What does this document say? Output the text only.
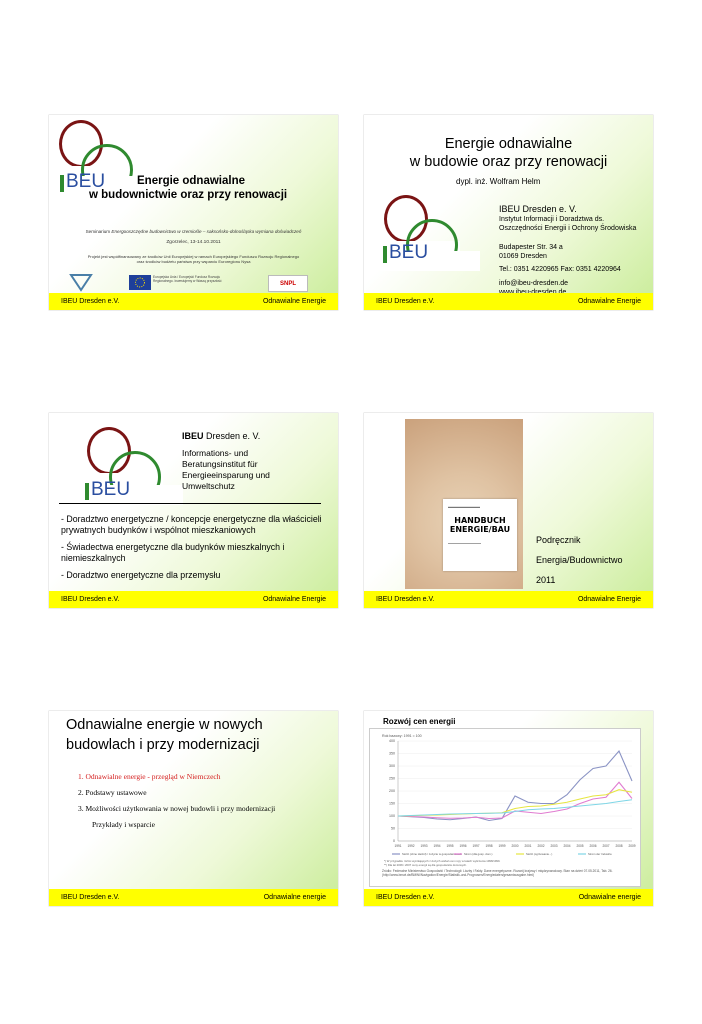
BEU	Energie odnawialne
w budownictwie oraz przy renowacji
Seminarium Energooszczędne budownictwo w rzemiośle – saksońsko-dolnośląska wymiana doświadczeń
Zgorzelec, 13-14.10.2011
Projekt jest współfinansowany ze środków Unii Europejskiej w ramach Europejskiego Funduszu Rozwoju Regionalnego
oraz środków budżetu państwa przy wsparciu Euroregionu Nysa
Europejska Unia / Europejski Fundusz Rozwoju Regionalnego. Inwestujemy w Waszą przyszłość	SNPL
IBEU Dresden e.V.	Odnawialne Energie
Energie odnawialne
w budowie oraz przy renowacji
dypl. inż. Wolfram Helm
BEU
IBEU Dresden e. V.
Instytut Informacji i Doradztwa ds. Oszczędności Energii i Ochrony Środowiska
Budapester Str. 34 a
01069 Dresden
Tel.: 0351 4220965 Fax: 0351 4220964
info@ibeu-dresden.de
IBEU Dresden e.V.	Odnawialne Energie
BEU
IBEU Dresden e. V.
Informations- und
Beratungsinstitut für
Energieeinsparung und
Umweltschutz

- Doradztwo energetyczne / koncepcje energetyczne dla właścicieli prywatnych budynków i wspólnot mieszkaniowych

- Świadectwa energetyczne dla budynków mieszkalnych i niemieszkalnych

- Doradztwo energetyczne dla przemysłu

IBEU Dresden e.V.	Odnawialne Energie
▬▬▬▬▬▬▬▬
HANDBUCH
ENERGIE/BAU
▬▬▬▬▬▬▬▬▬▬▬	Podręcznik
Energia/Budownictwo
2011
IBEU Dresden e.V.	Odnawialne Energie
Odnawialne energie w nowych
budowlach i przy modernizacji

1. Odnawialne energie - przegląd w Niemczech

2. Podstawy ustawowe

3. Możliwości użytkowania w nowej budowli i przy modernizacji

Przykłady i wsparcie

IBEU Dresden e.V.	Odnawialne energie
Rozwój cen energii
Rok bazowy: 1991 = 100
0
50
100
150
200
250
300
350
400
1991 1992 1993 1994 1995 1996 1997 1998 1999 2000 2001 2002 2003 2004 2005 2006 2007 2008 2009
Stoltz (ohne Heizöl) / zużycie w gospodarstwach Strom (dla gosp. dom.)	Stoltz (ogrzewanie...)	Strom der Industrie
*) W przypadku różnic wynikających z dużych wahań cen ropy w latach wyliczenia 1998/1999.
**) Dla lat 2006 i 2007 ceny energii są dla gospodarstw domowych.
Źródło: Federalne Ministerstwo Gospodarki i Technologii: Liczby i Fakty. Dane energetyczne. Rozwój krajowy i międzynarodowy. Stan na dzień 07.05.2011, Tab. 26. (http://www.bmwi.de/BMWi/Navigation/Energie/Statistik-und-Prognosen/Energiedaten/gesamtausgabe.html)
IBEU Dresden e.V.	Odnawialne energie
